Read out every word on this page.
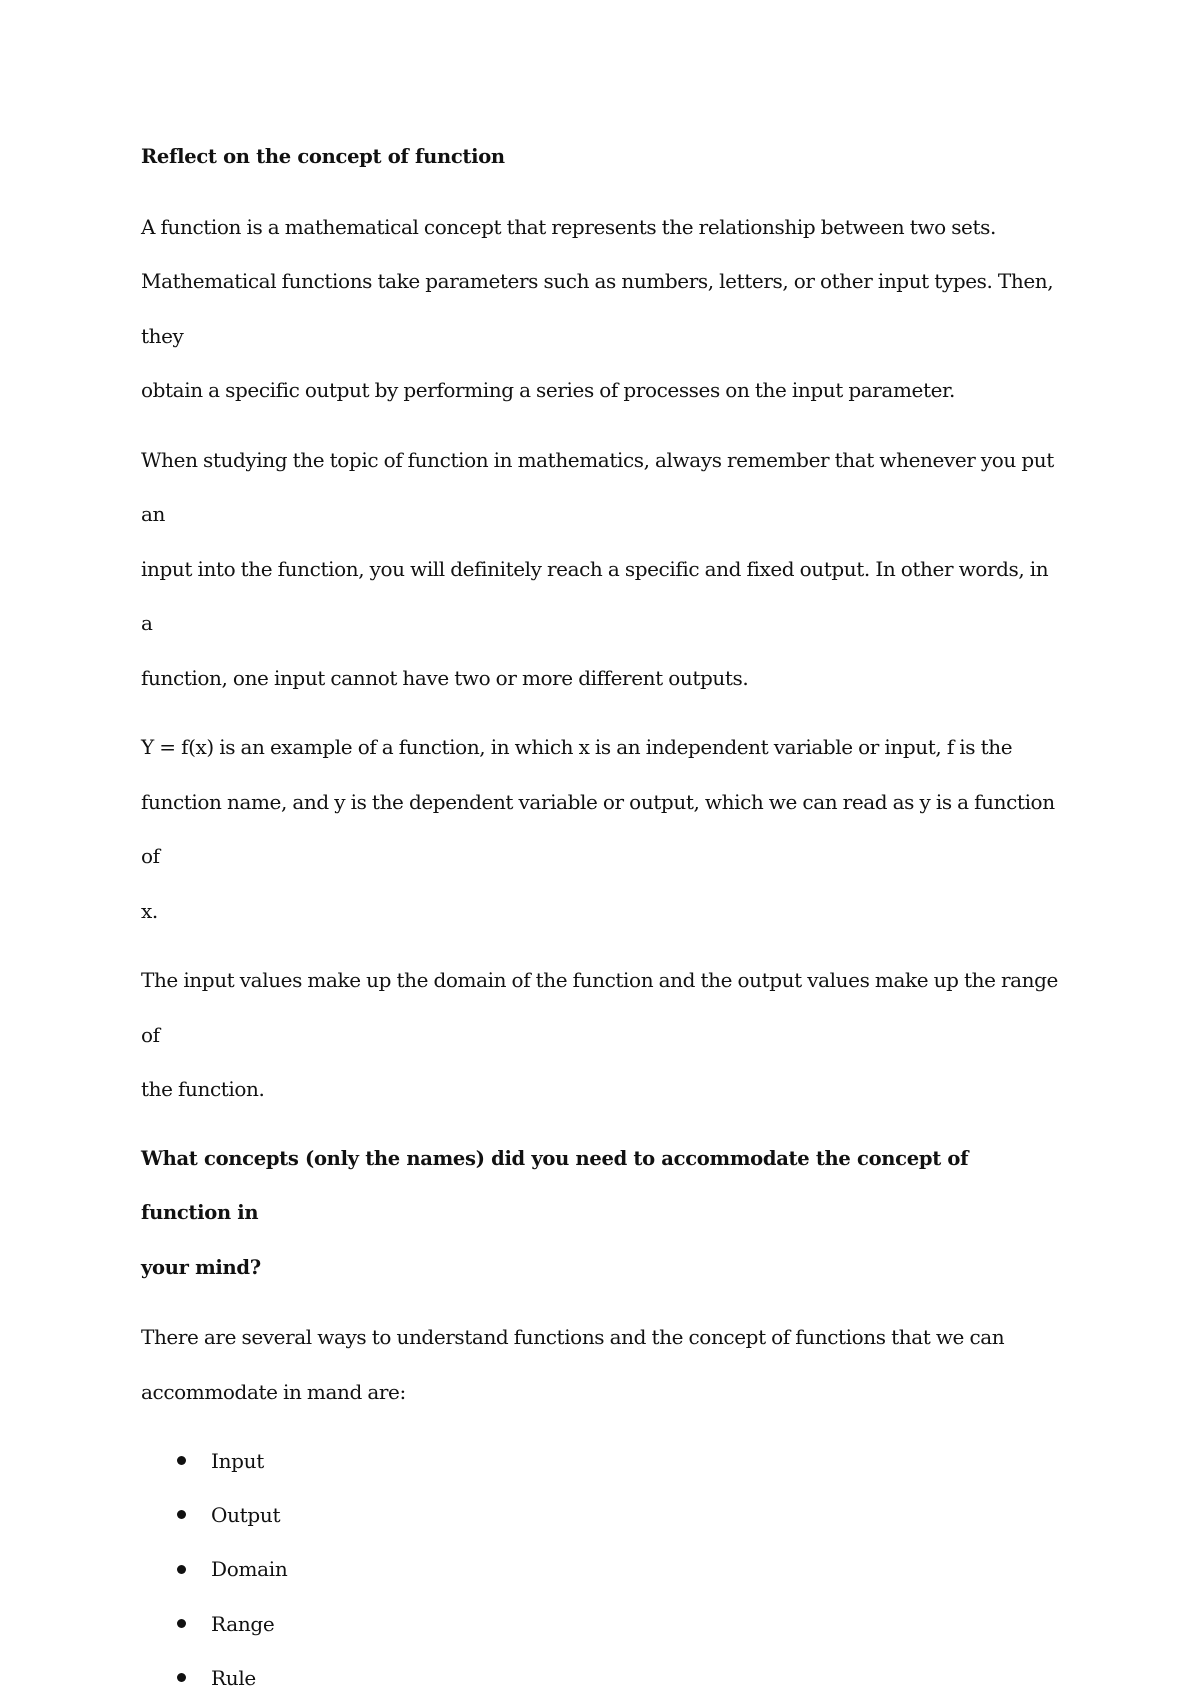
Reflect on the concept of function
A function is a mathematical concept that represents the relationship between two sets.
Mathematical functions take parameters such as numbers, letters, or other input types. Then, they
obtain a specific output by performing a series of processes on the input parameter.
When studying the topic of function in mathematics, always remember that whenever you put an
input into the function, you will definitely reach a specific and fixed output. In other words, in a
function, one input cannot have two or more different outputs.
Y = f(x) is an example of a function, in which x is an independent variable or input, f is the
function name, and y is the dependent variable or output, which we can read as y is a function of
x.
The input values make up the domain of the function and the output values make up the range of
the function.
What concepts (only the names) did you need to accommodate the concept of function in
your mind?
There are several ways to understand functions and the concept of functions that we can
accommodate in mand are:
Input
Output
Domain
Range
Rule
